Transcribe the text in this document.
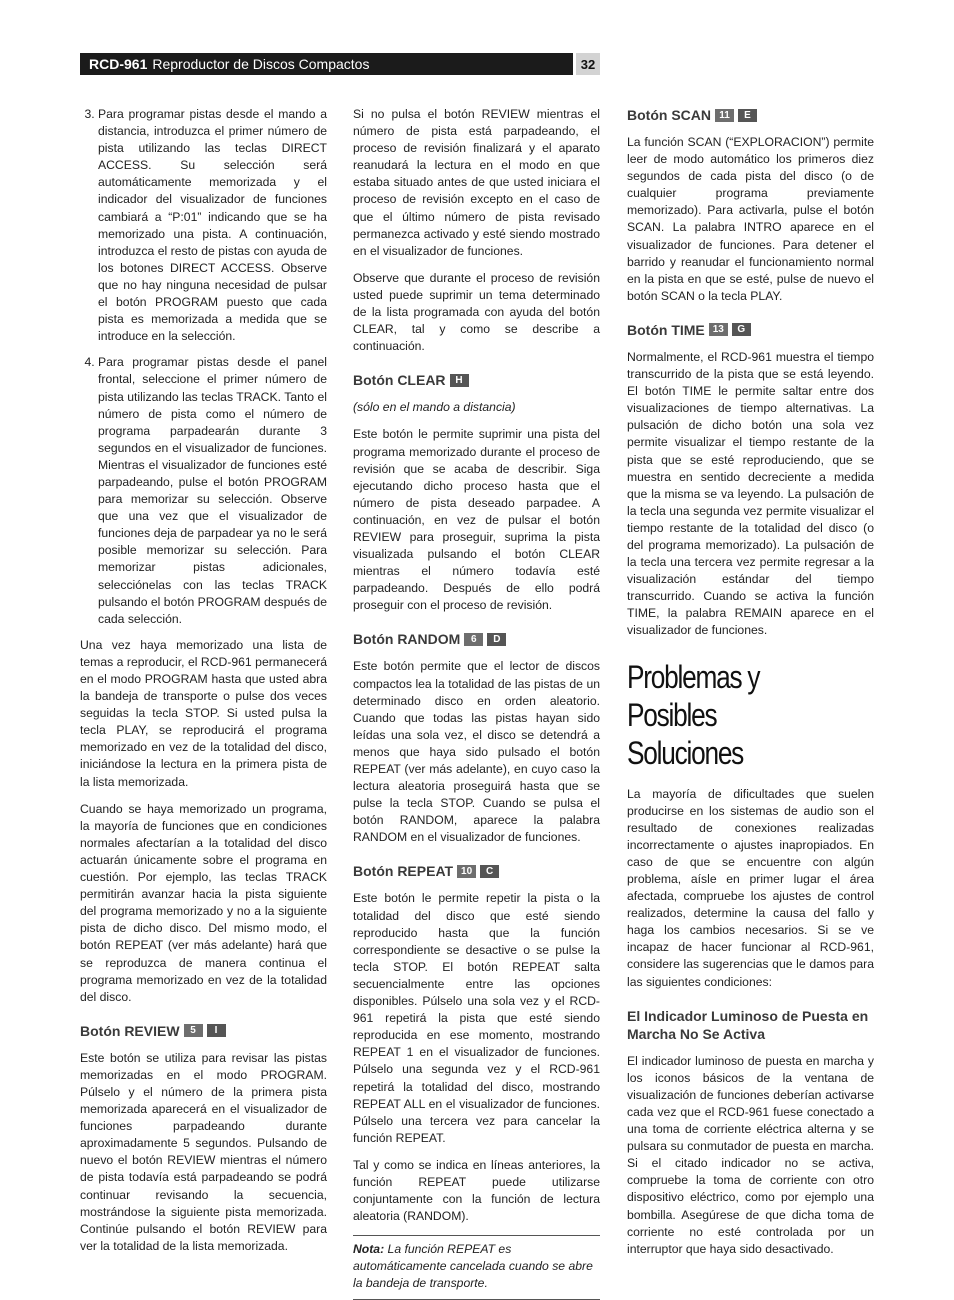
RCD-961 Reproductor de Discos Compactos	32
3. Para programar pistas desde el mando a distancia, introduzca el primer número de pista utilizando las teclas DIRECT ACCESS. Su selección será automáticamente memorizada y el indicador del visualizador de funciones cambiará a “P:01” indicando que se ha memorizado una pista. A continuación, introduzca el resto de pistas con ayuda de los botones DIRECT ACCESS. Observe que no hay ninguna necesidad de pulsar el botón PROGRAM puesto que cada pista es memorizada a medida que se introduce en la selección.
4. Para programar pistas desde el panel frontal, seleccione el primer número de pista utilizando las teclas TRACK. Tanto el número de pista como el número de programa parpadearán durante 3 segundos en el visualizador de funciones. Mientras el visualizador de funciones esté parpadeando, pulse el botón PROGRAM para memorizar su selección. Observe que una vez que el visualizador de funciones deja de parpadear ya no le será posible memorizar su selección. Para memorizar pistas adicionales, selecciónelas con las teclas TRACK pulsando el botón PROGRAM después de cada selección.

Una vez haya memorizado una lista de temas a reproducir, el RCD-961 permanecerá en el modo PROGRAM hasta que usted abra la bandeja de transporte o pulse dos veces seguidas la tecla STOP. Si usted pulsa la tecla PLAY, se reproducirá el programa memorizado en vez de la totalidad del disco, iniciándose la lectura en la primera pista de la lista memorizada.

Cuando se haya memorizado un programa, la mayoría de funciones que en condiciones normales afectarían a la totalidad del disco actuarán únicamente sobre el programa en cuestión. Por ejemplo, las teclas TRACK permitirán avanzar hacia la pista siguiente del programa memorizado y no a la siguiente pista de dicho disco. Del mismo modo, el botón REPEAT (ver más adelante) hará que se reproduzca de manera continua el programa memorizado en vez de la totalidad del disco.

Botón REVIEW	5	I

Este botón se utiliza para revisar las pistas memorizadas en el modo PROGRAM. Púlselo y el número de la primera pista memorizada aparecerá en el visualizador de funciones parpadeando durante aproximadamente 5 segundos. Pulsando de nuevo el botón REVIEW mientras el número de pista todavía está parpadeando se podrá continuar revisando la secuencia, mostrándose la siguiente pista memorizada. Continúe pulsando el botón REVIEW para ver la totalidad de la lista memorizada.

Si no pulsa el botón REVIEW mientras el número de pista está parpadeando, el proceso de revisión finalizará y el aparato reanudará la lectura en el modo en que estaba situado antes de que usted iniciara el proceso de revisión excepto en el caso de que el último número de pista revisado permanezca activado y esté siendo mostrado en el visualizador de funciones.

Observe que durante el proceso de revisión usted puede suprimir un tema determinado de la lista programada con ayuda del botón CLEAR, tal y como se describe a continuación.

Botón CLEAR H

(sólo en el mando a distancia)

Este botón le permite suprimir una pista del programa memorizado durante el proceso de revisión que se acaba de describir. Siga ejecutando dicho proceso hasta que el número de pista deseado parpadee. A continuación, en vez de pulsar el botón REVIEW para proseguir, suprima la pista visualizada pulsando el botón CLEAR mientras el número todavía esté parpadeando. Después de ello podrá proseguir con el proceso de revisión.

Botón RANDOM	6	D

Este botón permite que el lector de discos compactos lea la totalidad de las pistas de un determinado disco en orden aleatorio. Cuando que todas las pistas hayan sido leídas una sola vez, el disco se detendrá a menos que haya sido pulsado el botón REPEAT (ver más adelante), en cuyo caso la lectura aleatoria proseguirá hasta que se pulse la tecla STOP. Cuando se pulsa el botón RANDOM, aparece la palabra RANDOM en el visualizador de funciones.

Botón REPEAT 10	C

Este botón le permite repetir la pista o la totalidad del disco que esté siendo reproducido hasta que la función correspondiente se desactive o se pulse la tecla STOP. El botón REPEAT salta secuencialmente entre las opciones disponibles. Púlselo una sola vez y el RCD-961 repetirá la pista que esté siendo reproducida en ese momento, mostrando REPEAT 1 en el visualizador de funciones. Púlselo una segunda vez y el RCD-961 repetirá la totalidad del disco, mostrando REPEAT ALL en el visualizador de funciones. Púlselo una tercera vez para cancelar la función REPEAT.

Tal y como se indica en líneas anteriores, la función REPEAT puede utilizarse conjuntamente con la función de lectura aleatoria (RANDOM).

Nota: La función REPEAT es automáticamente cancelada cuando se abre la bandeja de transporte.
Botón SCAN 11	E

La función SCAN (“EXPLORACION”) permite leer de modo automático los primeros diez segundos de cada pista del disco (o de cualquier programa previamente memorizado). Para activarla, pulse el botón SCAN. La palabra INTRO aparece en el visualizador de funciones. Para detener el barrido y reanudar el funcionamiento normal en la pista en que se esté, pulse de nuevo el botón SCAN o la tecla PLAY.

Botón TIME 13	G

Normalmente, el RCD-961 muestra el tiempo transcurrido de la pista que se está leyendo. El botón TIME le permite saltar entre dos visualizaciones de tiempo alternativas. La pulsación de dicho botón una sola vez permite visualizar el tiempo restante de la pista que se esté reproduciendo, que se muestra en sentido decreciente a medida que la misma se va leyendo. La pulsación de la tecla una segunda vez permite visualizar el tiempo restante de la totalidad del disco (o del programa memorizado). La pulsación de la tecla una tercera vez permite regresar a la visualización estándar del tiempo transcurrido. Cuando se activa la función TIME, la palabra REMAIN aparece en el visualizador de funciones.

Problemas y Posibles Soluciones

La mayoría de dificultades que suelen producirse en los sistemas de audio son el resultado de conexiones realizadas incorrectamente o ajustes inapropiados. En caso de que se encuentre con algún problema, aísle en primer lugar el área afectada, compruebe los ajustes de control realizados, determine la causa del fallo y haga los cambios necesarios. Si se ve incapaz de hacer funcionar al RCD-961, considere las sugerencias que le damos para las siguientes condiciones:

El Indicador Luminoso de Puesta en Marcha No Se Activa

El indicador luminoso de puesta en marcha y los iconos básicos de la ventana de visualización de funciones deberían activarse cada vez que el RCD-961 fuese conectado a una toma de corriente eléctrica alterna y se pulsara su conmutador de puesta en marcha. Si el citado indicador no se activa, compruebe la toma de corriente con otro dispositivo eléctrico, como por ejemplo una bombilla. Asegúrese de que dicha toma de corriente no esté controlada por un interruptor que haya sido desactivado.
